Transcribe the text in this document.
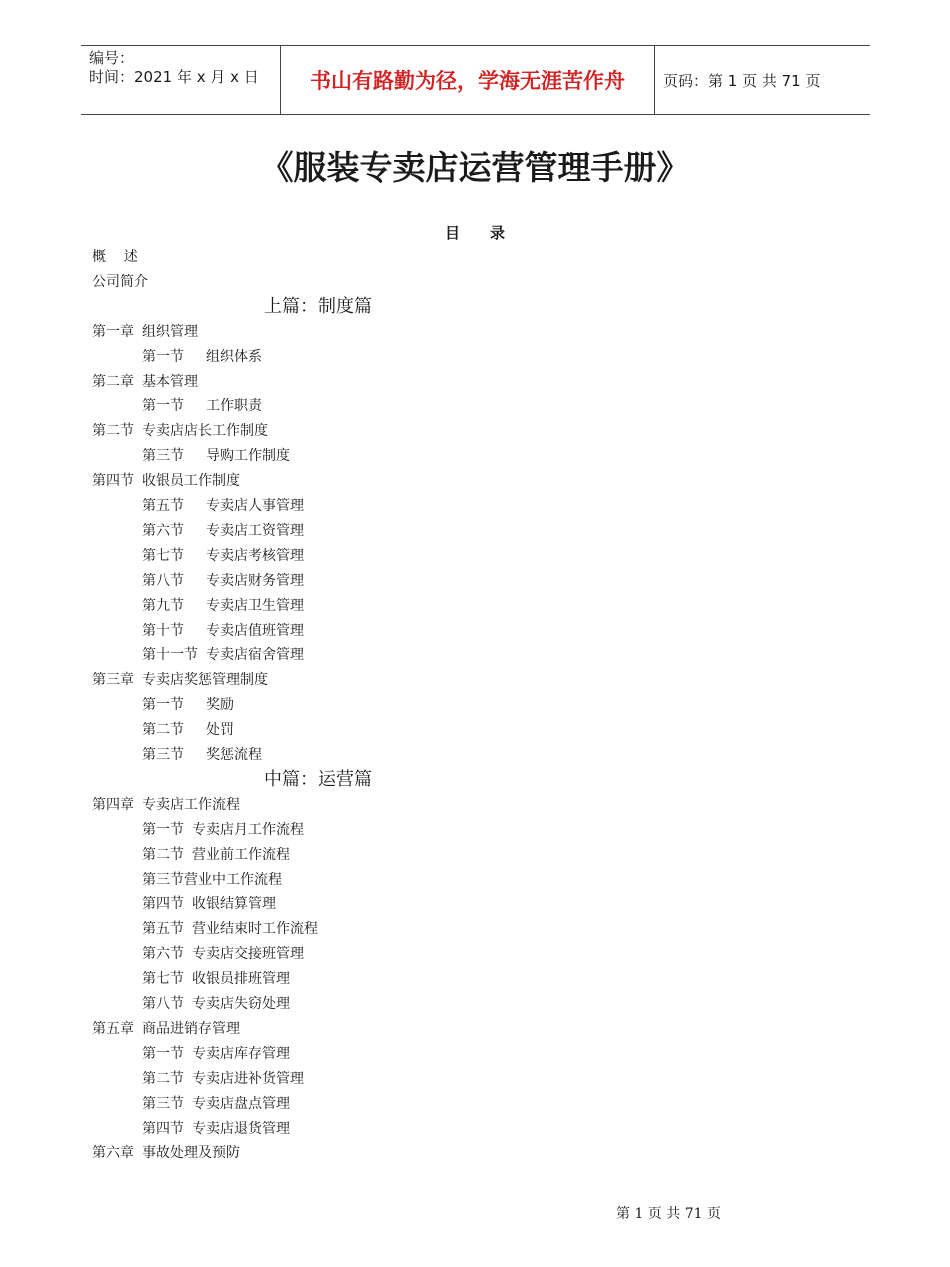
编号：
时间：2021 年 x 月 x 日	书山有路勤为径，学海无涯苦作舟	页码：第 1 页 共 71 页
《服装专卖店运营管理手册》
目 录
概    述
公司简介
上篇：制度篇
第一章 组织管理
第一节 组织体系
第二章 基本管理
第一节 工作职责
第二节 专卖店店长工作制度
第三节 导购工作制度
第四节 收银员工作制度
第五节 专卖店人事管理
第六节 专卖店工资管理
第七节 专卖店考核管理
第八节 专卖店财务管理
第九节 专卖店卫生管理
第十节 专卖店值班管理
第十一节 专卖店宿舍管理
第三章 专卖店奖惩管理制度
第一节 奖励
第二节 处罚
第三节 奖惩流程
中篇：运营篇
第四章 专卖店工作流程
第一节 专卖店月工作流程
第二节 营业前工作流程
第三节营业中工作流程
第四节 收银结算管理
第五节 营业结束时工作流程
第六节 专卖店交接班管理
第七节 收银员排班管理
第八节 专卖店失窃处理
第五章 商品进销存管理
第一节 专卖店库存管理
第二节 专卖店进补货管理
第三节 专卖店盘点管理
第四节 专卖店退货管理
第六章 事故处理及预防
第 1 页 共 71 页
